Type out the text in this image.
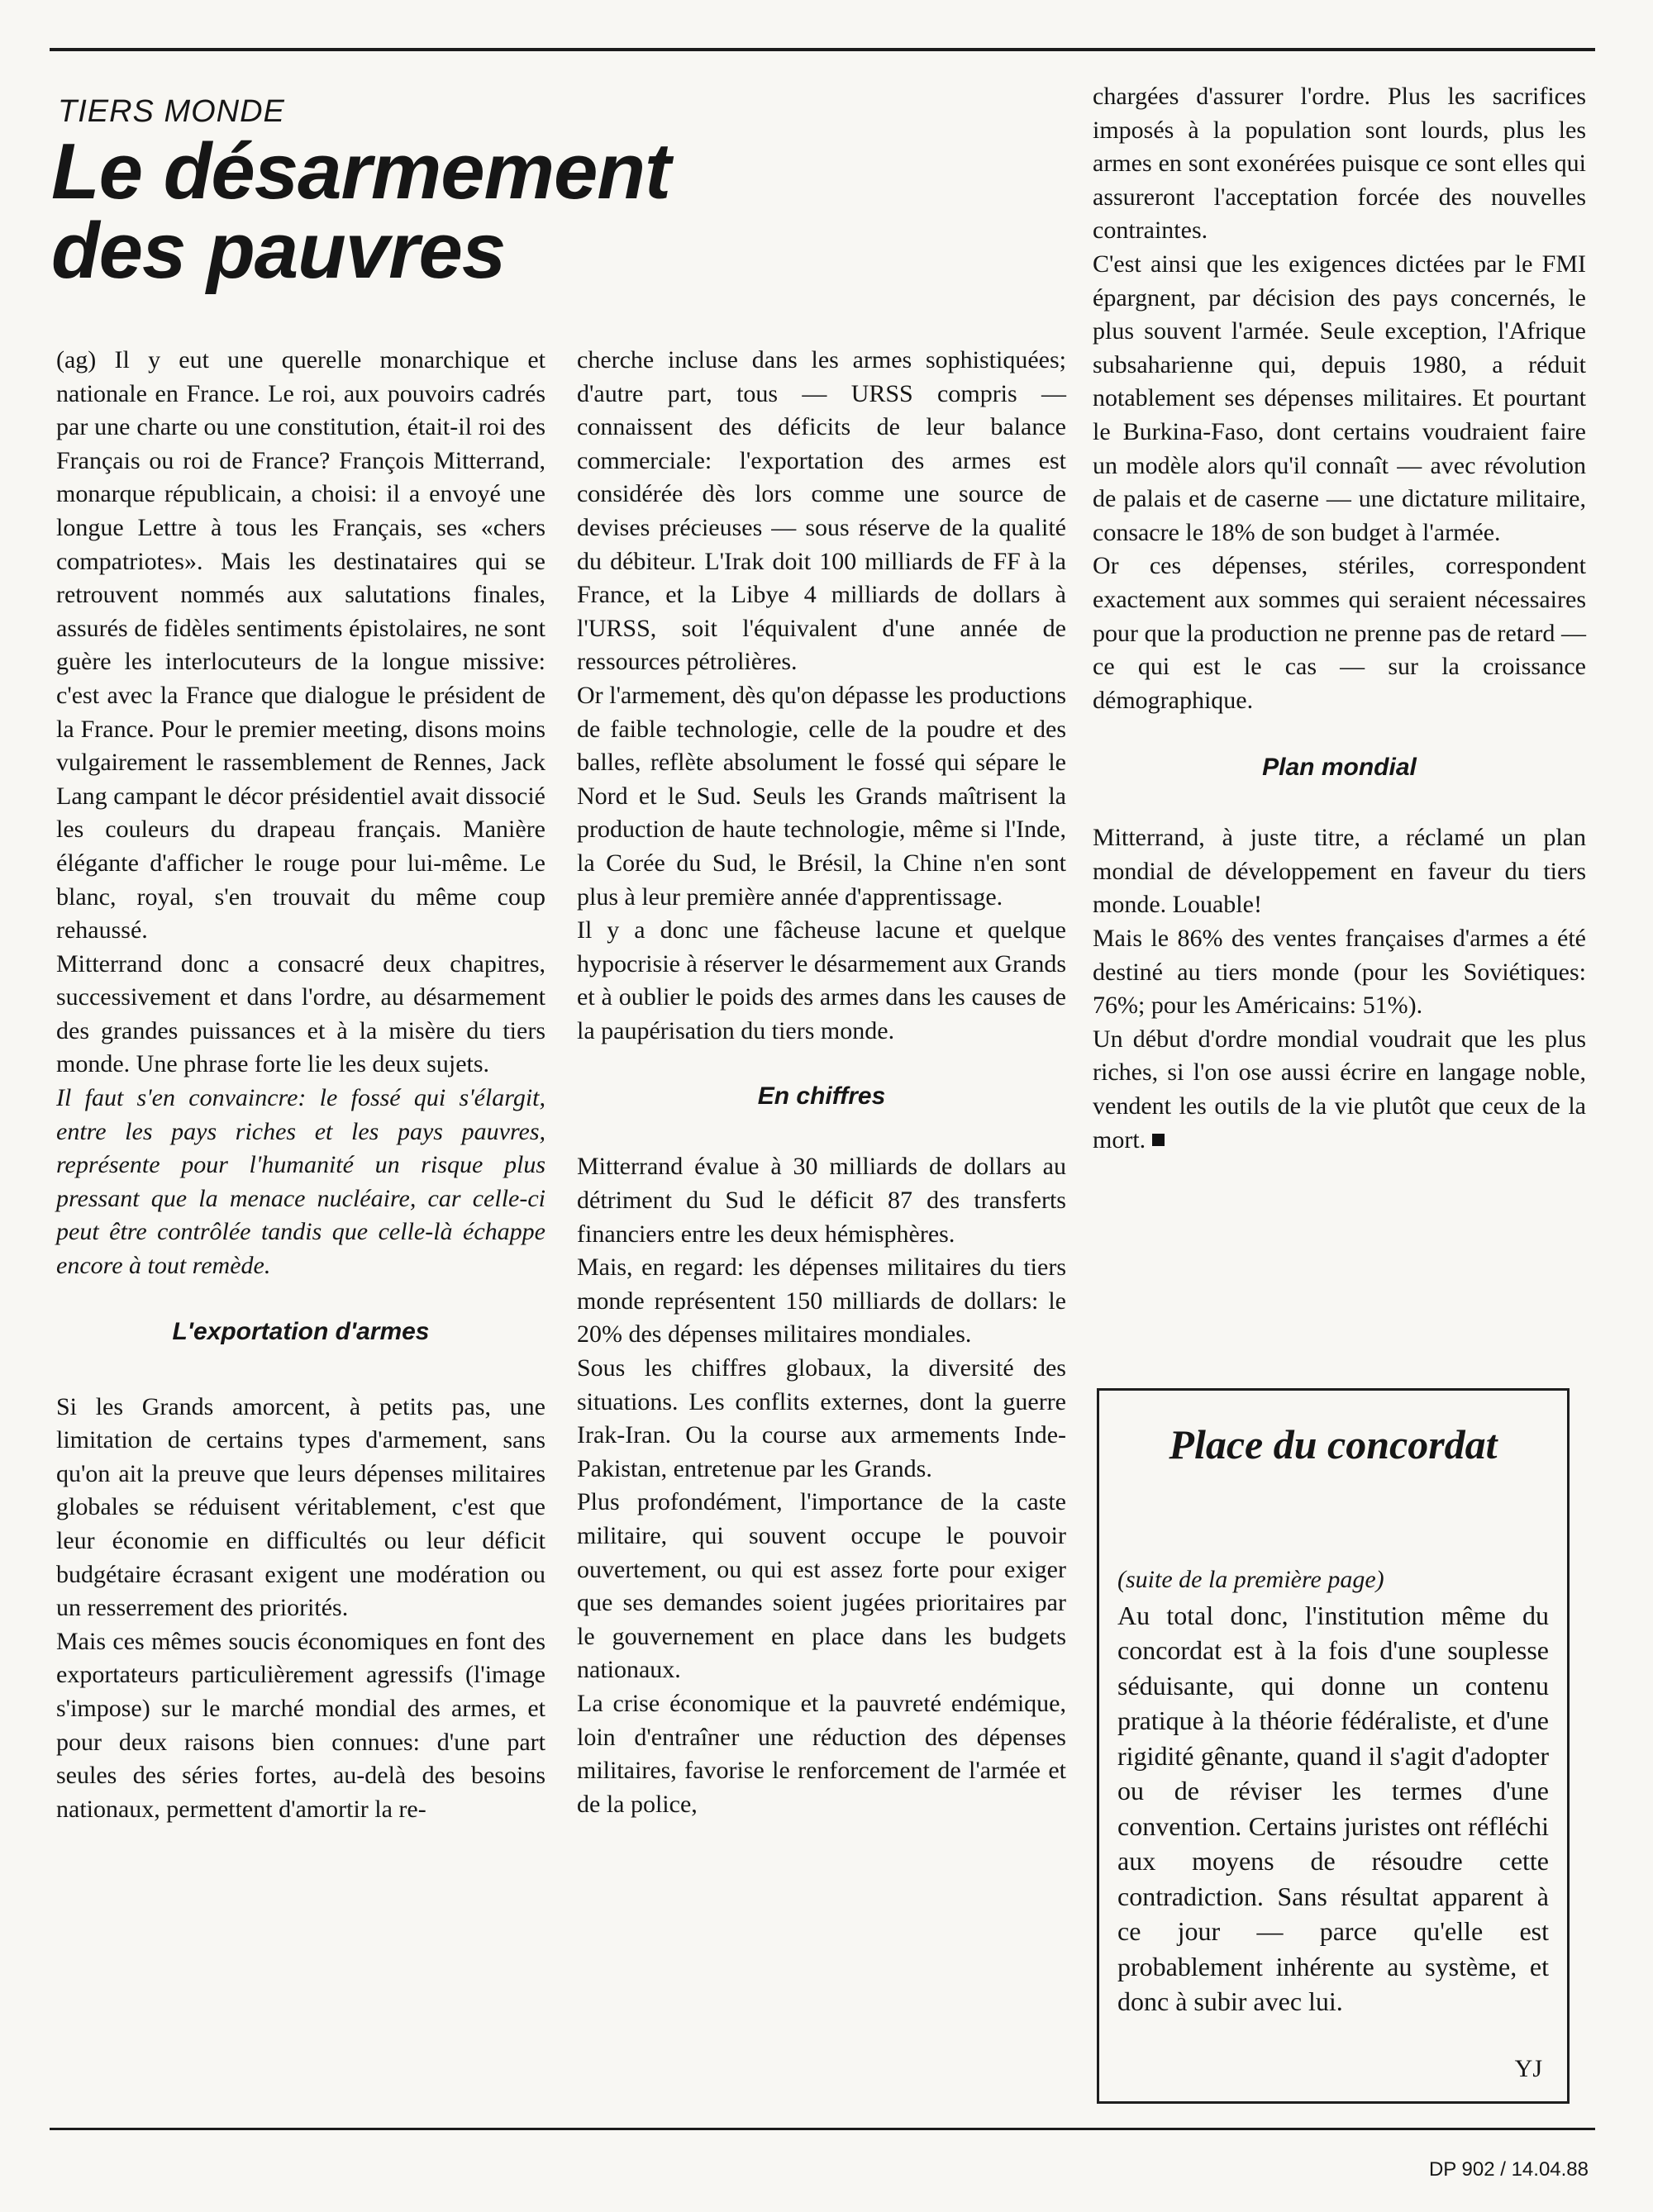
TIERS MONDE
Le désarmement des pauvres

(ag) Il y eut une querelle monarchique et nationale en France. Le roi, aux pouvoirs cadrés par une charte ou une constitution, était-il roi des Français ou roi de France? François Mitterrand, monarque républicain, a choisi: il a envoyé une longue Lettre à tous les Français, ses «chers compatriotes». Mais les destinataires qui se retrouvent nommés aux salutations finales, assurés de fidèles sentiments épistolaires, ne sont guère les interlocuteurs de la longue missive: c'est avec la France que dialogue le président de la France. Pour le premier meeting, disons moins vulgairement le rassemblement de Rennes, Jack Lang campant le décor présidentiel avait dissocié les couleurs du drapeau français. Manière élégante d'afficher le rouge pour lui-même. Le blanc, royal, s'en trouvait du même coup rehaussé.

Mitterrand donc a consacré deux chapitres, successivement et dans l'ordre, au désarmement des grandes puissances et à la misère du tiers monde. Une phrase forte lie les deux sujets.

Il faut s'en convaincre: le fossé qui s'élargit, entre les pays riches et les pays pauvres, représente pour l'humanité un risque plus pressant que la menace nucléaire, car celle-ci peut être contrôlée tandis que celle-là échappe encore à tout remède.

L'exportation d'armes

Si les Grands amorcent, à petits pas, une limitation de certains types d'armement, sans qu'on ait la preuve que leurs dépenses militaires globales se réduisent véritablement, c'est que leur économie en difficultés ou leur déficit budgétaire écrasant exigent une modération ou un resserrement des priorités.

Mais ces mêmes soucis économiques en font des exportateurs particulièrement agressifs (l'image s'impose) sur le marché mondial des armes, et pour deux raisons bien connues: d'une part seules des séries fortes, au-delà des besoins nationaux, permettent d'amortir la re-

cherche incluse dans les armes sophistiquées; d'autre part, tous — URSS compris — connaissent des déficits de leur balance commerciale: l'exportation des armes est considérée dès lors comme une source de devises précieuses — sous réserve de la qualité du débiteur. L'Irak doit 100 milliards de FF à la France, et la Libye 4 milliards de dollars à l'URSS, soit l'équivalent d'une année de ressources pétrolières.

Or l'armement, dès qu'on dépasse les productions de faible technologie, celle de la poudre et des balles, reflète absolument le fossé qui sépare le Nord et le Sud. Seuls les Grands maîtrisent la production de haute technologie, même si l'Inde, la Corée du Sud, le Brésil, la Chine n'en sont plus à leur première année d'apprentissage.

Il y a donc une fâcheuse lacune et quelque hypocrisie à réserver le désarmement aux Grands et à oublier le poids des armes dans les causes de la paupérisation du tiers monde.

En chiffres

Mitterrand évalue à 30 milliards de dollars au détriment du Sud le déficit 87 des transferts financiers entre les deux hémisphères.

Mais, en regard: les dépenses militaires du tiers monde représentent 150 milliards de dollars: le 20% des dépenses militaires mondiales.

Sous les chiffres globaux, la diversité des situations. Les conflits externes, dont la guerre Irak-Iran. Ou la course aux armements Inde-Pakistan, entretenue par les Grands.

Plus profondément, l'importance de la caste militaire, qui souvent occupe le pouvoir ouvertement, ou qui est assez forte pour exiger que ses demandes soient jugées prioritaires par le gouvernement en place dans les budgets nationaux.

La crise économique et la pauvreté endémique, loin d'entraîner une réduction des dépenses militaires, favorise le renforcement de l'armée et de la police,

chargées d'assurer l'ordre. Plus les sacrifices imposés à la population sont lourds, plus les armes en sont exonérées puisque ce sont elles qui assureront l'acceptation forcée des nouvelles contraintes.

C'est ainsi que les exigences dictées par le FMI épargnent, par décision des pays concernés, le plus souvent l'armée. Seule exception, l'Afrique subsaharienne qui, depuis 1980, a réduit notablement ses dépenses militaires. Et pourtant le Burkina-Faso, dont certains voudraient faire un modèle alors qu'il connaît — avec révolution de palais et de caserne — une dictature militaire, consacre le 18% de son budget à l'armée.

Or ces dépenses, stériles, correspondent exactement aux sommes qui seraient nécessaires pour que la production ne prenne pas de retard — ce qui est le cas — sur la croissance démographique.

Plan mondial

Mitterrand, à juste titre, a réclamé un plan mondial de développement en faveur du tiers monde. Louable!

Mais le 86% des ventes françaises d'armes a été destiné au tiers monde (pour les Soviétiques: 76%; pour les Américains: 51%).

Un début d'ordre mondial voudrait que les plus riches, si l'on ose aussi écrire en langage noble, vendent les outils de la vie plutôt que ceux de la mort.

Place du concordat

(suite de la première page)

Au total donc, l'institution même du concordat est à la fois d'une souplesse séduisante, qui donne un contenu pratique à la théorie fédéraliste, et d'une rigidité gênante, quand il s'agit d'adopter ou de réviser les termes d'une convention. Certains juristes ont réfléchi aux moyens de résoudre cette contradiction. Sans résultat apparent à ce jour — parce qu'elle est probablement inhérente au système, et donc à subir avec lui.

YJ
DP 902 / 14.04.88
